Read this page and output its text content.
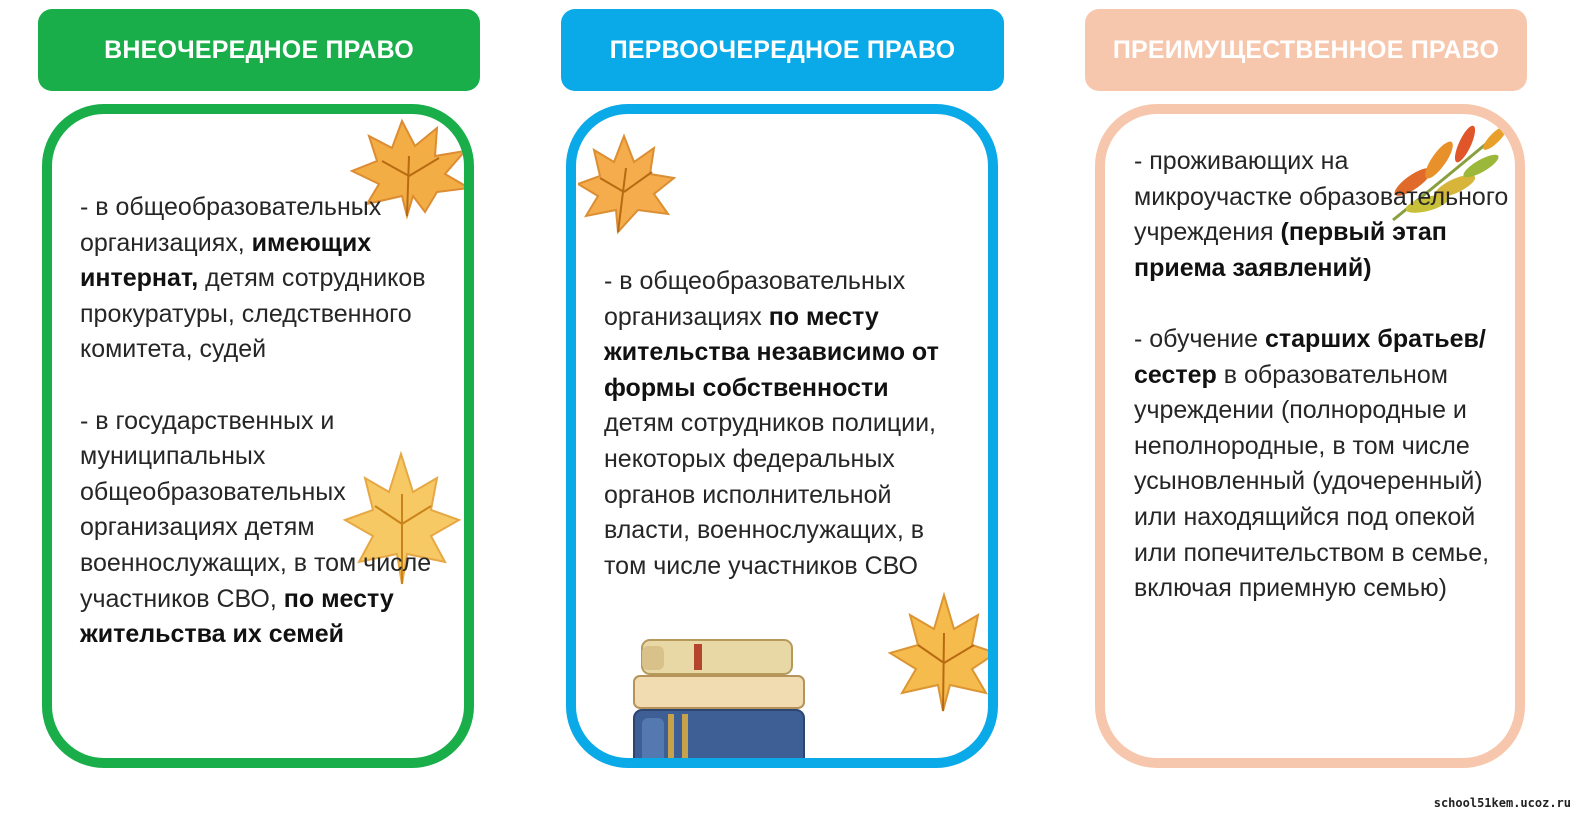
ВНЕОЧЕРЕДНОЕ ПРАВО

- в общеобразовательных организациях, имеющих интернат, детям сотрудников прокуратуры, следственного комитета, судей

- в государственных и муниципальных общеобразовательных организациях детям военнослужащих, в том числе участников СВО, по месту жительства их семей

ПЕРВООЧЕРЕДНОЕ ПРАВО

- в общеобразовательных организациях по месту жительства независимо от формы собственности детям сотрудников полиции, некоторых федеральных органов исполнительной власти, военнослужащих, в том числе участников СВО

ПРЕИМУЩЕСТВЕННОЕ ПРАВО

- проживающих на микроучастке образовательного учреждения (первый этап приема заявлений)

- обучение старших братьев/сестер в образовательном учреждении (полнородные и неполнородные, в том числе усыновленный (удочеренный) или находящийся под опекой или попечительством в семье, включая приемную семью)

school51kem.ucoz.ru
